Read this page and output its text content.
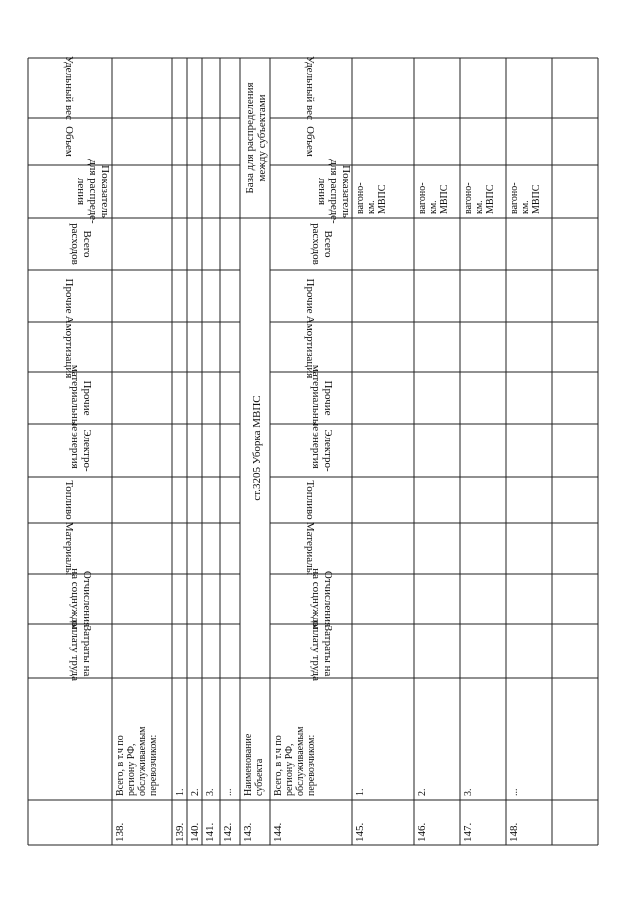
Затраты на
оплату труда
Отчисления
на соцнужды
Материалы
Топливо
Электро-
энергия
Прочие
материальные
Амортизация
Прочие
Всего
расходов
Показатель
для распреде-
ления
Объем
Удельный вес
Затраты на
оплату труда
Отчисления
на соцнужды
Материалы
Топливо
Электро-
энергия
Прочие
материальные
Амортизация
Прочие
Всего
расходов
Показатель
для распреде-
ления
Объем
Удельный вес
ст.3205 Уборка МВПС
База для распределения между субъектами
138.
Всего, в т.ч по региону РФ, обслуживаемым перевозчиком:
139.
1.
140.
2.
141.
3.
142.
...
143.
Наименование субъекта
144.
Всего, в т.ч по региону РФ, обслуживаемым перевозчиком:
145.
1.
вагоно- км. МВПС
146.
2.
вагоно- км. МВПС
147.
3.
вагоно- км. МВПС
148.
...
вагоно- км. МВПС
